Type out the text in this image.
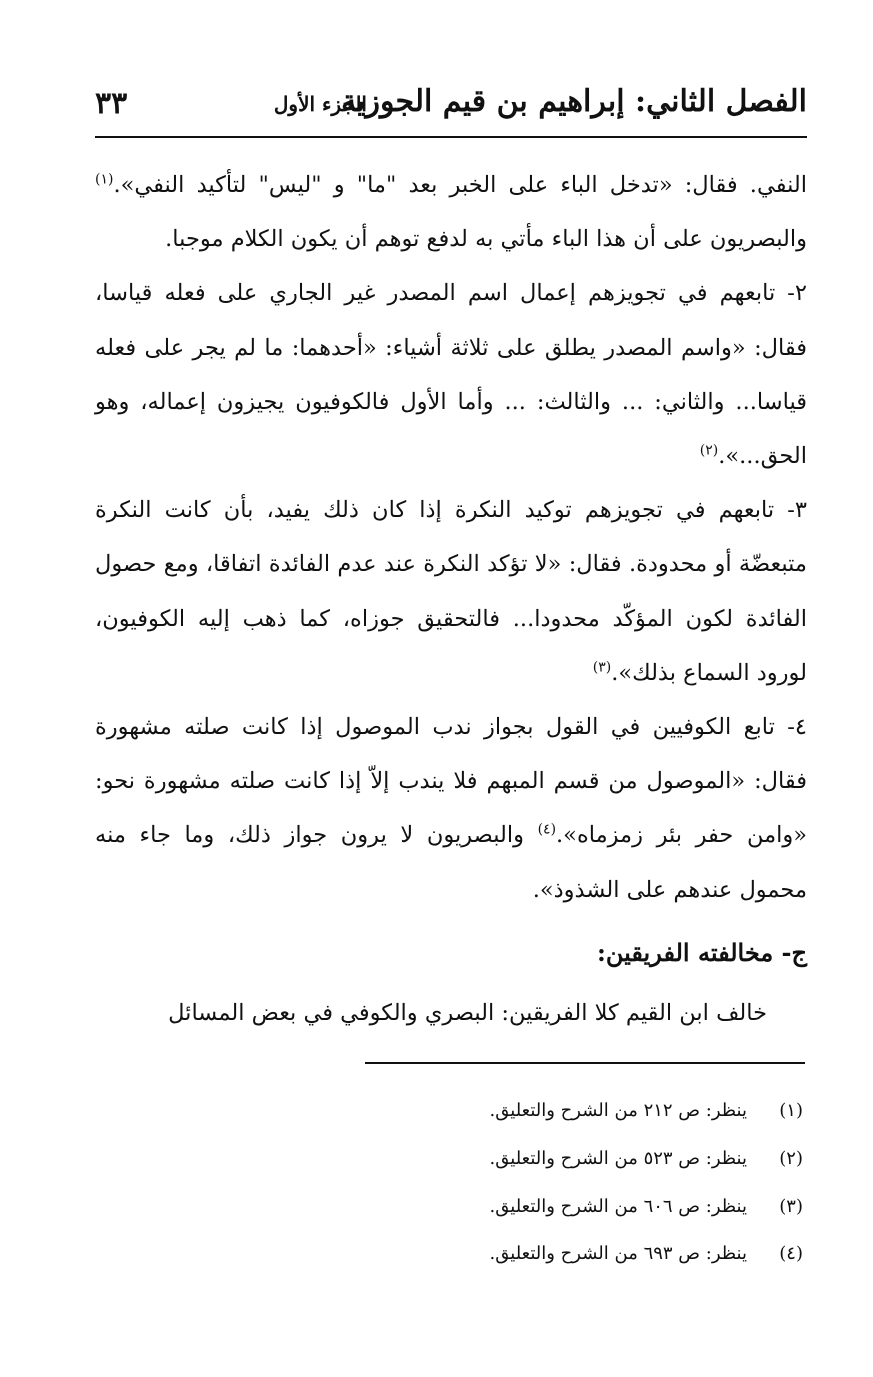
الفصل الثاني: إبراهيم بن قيم الجوزية
الجزء الأول
٣٣

النفي. فقال: «تدخل الباء على الخبر بعد "ما" و "ليس" لتأكيد النفي».$^{(١)}$ والبصريون على أن هذا الباء مأتي به لدفع توهم أن يكون الكلام موجبا.

٢- تابعهم في تجويزهم إعمال اسم المصدر غير الجاري على فعله قياسا، فقال: «واسم المصدر يطلق على ثلاثة أشياء: «أحدهما: ما لم يجر على فعله قياسا... والثاني: ... والثالث: ... وأما الأول فالكوفيون يجيزون إعماله، وهو الحق...».$^{(٢)}$

٣- تابعهم في تجويزهم توكيد النكرة إذا كان ذلك يفيد، بأن كانت النكرة متبعضّة أو محدودة. فقال: «لا تؤكد النكرة عند عدم الفائدة اتفاقا، ومع حصول الفائدة لكون المؤكّد محدودا... فالتحقيق جوزاه، كما ذهب إليه الكوفيون، لورود السماع بذلك».$^{(٣)}$

٤- تابع الكوفيين في القول بجواز ندب الموصول إذا كانت صلته مشهورة فقال: «الموصول من قسم المبهم فلا يندب إلاّ إذا كانت صلته مشهورة نحو: «وامن حفر بئر زمزماه».$^{(٤)}$ والبصريون لا يرون جواز ذلك، وما جاء منه محمول عندهم على الشذوذ».

ج- مخالفته الفريقين:
خالف ابن القيم كلا الفريقين: البصري والكوفي في بعض المسائل
(١)ينظر: ص ٢١٢ من الشرح والتعليق.
(٢)ينظر: ص ٥٢٣ من الشرح والتعليق.
(٣)ينظر: ص ٦٠٦ من الشرح والتعليق.
(٤)ينظر: ص ٦٩٣ من الشرح والتعليق.
